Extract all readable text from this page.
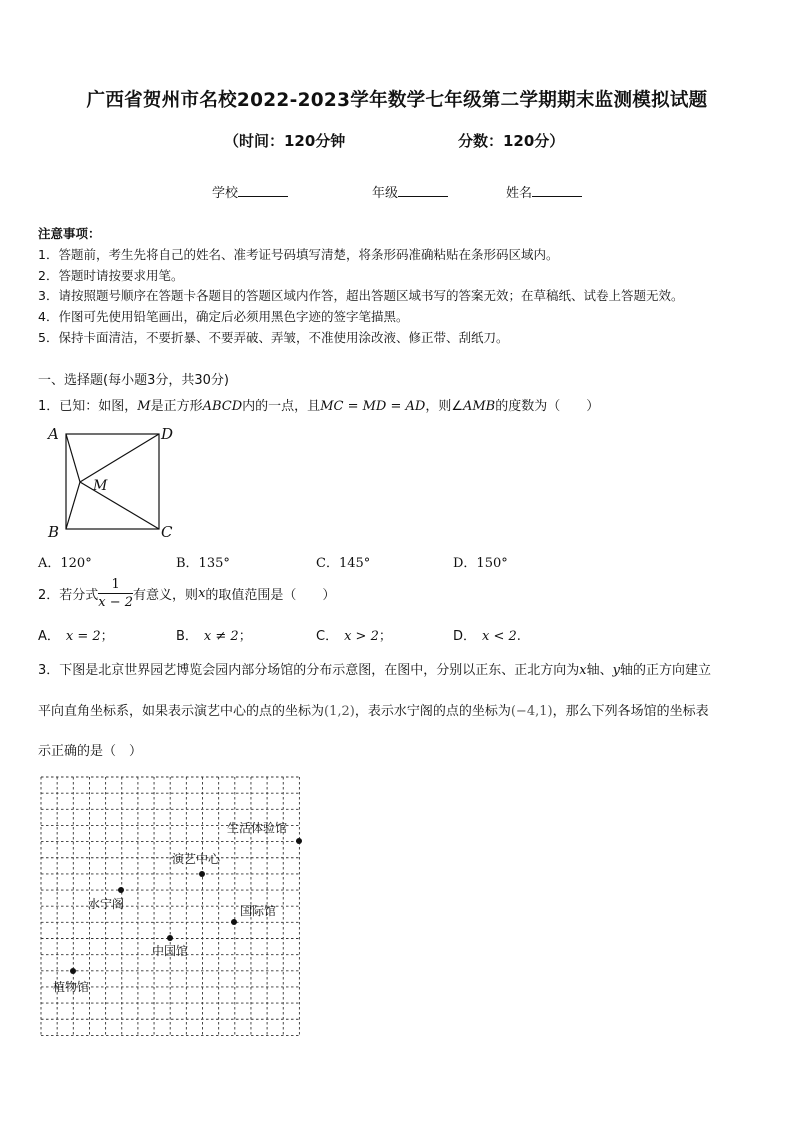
广西省贺州市名校2022-2023学年数学七年级第二学期期末监测模拟试题
（时间：120分钟	分数：120分）
学校	年级	姓名
注意事项：
1．答题前，考生先将自己的姓名、准考证号码填写清楚，将条形码准确粘贴在条形码区域内。
2．答题时请按要求用笔。
3．请按照题号顺序在答题卡各题目的答题区域内作答，超出答题区域书写的答案无效；在草稿纸、试卷上答题无效。
4．作图可先使用铅笔画出，确定后必须用黑色字迹的签字笔描黑。
5．保持卡面清洁，不要折暴、不要弄破、弄皱，不准使用涂改液、修正带、刮纸刀。
一、选择题(每小题3分，共30分)
1．已知：如图，M是正方形ABCD内的一点，且MC = MD = AD，则∠AMB的度数为（　　）
A	D
B	C
M
A．120°	B．135°	C．145°	D．150°
2．若分式 $\frac{1}{x - 2}$ 有意义，则 x 的取值范围是（　　）
A． x = 2；	B． x ≠ 2；	C． x > 2；	D． x < 2.
3．下图是北京世界园艺博览会园内部分场馆的分布示意图，在图中，分别以正东、正北方向为x轴、y轴的正方向建立
平向直角坐标系，如果表示演艺中心的点的坐标为(1,2)，表示水宁阁的点的坐标为(−4,1)，那么下列各场馆的坐标表
示正确的是（　）
生活体验馆
演艺中心
水宁阁	国际馆
中国馆
植物馆
